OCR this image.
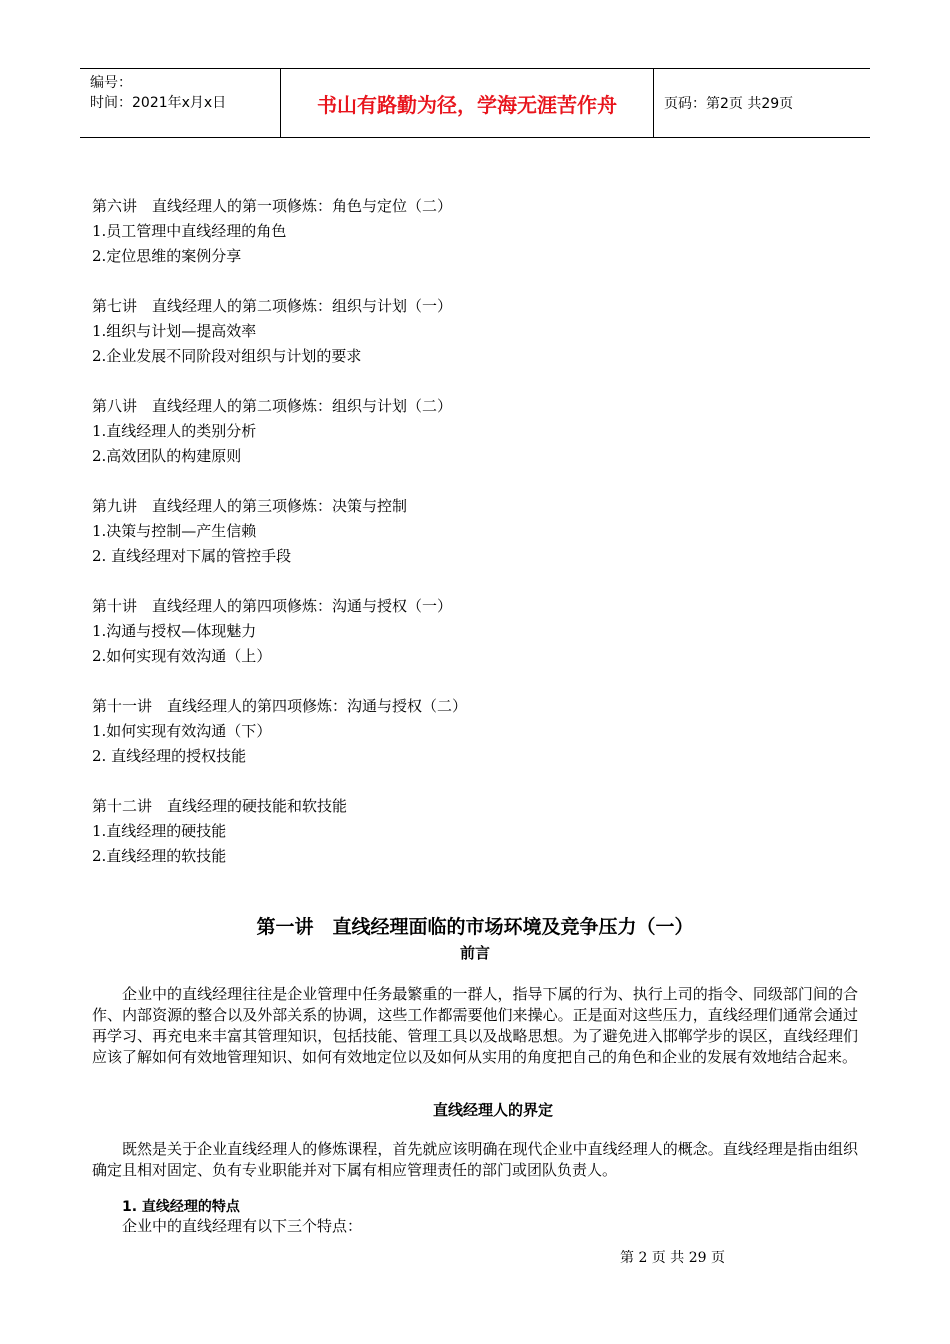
编号：
时间：2021年x月x日	书山有路勤为径，学海无涯苦作舟	页码：第2页 共29页
第六讲　直线经理人的第一项修炼：角色与定位（二）
1.员工管理中直线经理的角色
2.定位思维的案例分享
第七讲　直线经理人的第二项修炼：组织与计划（一）
1.组织与计划—提高效率
2.企业发展不同阶段对组织与计划的要求
第八讲　直线经理人的第二项修炼：组织与计划（二）
1.直线经理人的类别分析
2.高效团队的构建原则
第九讲　直线经理人的第三项修炼：决策与控制
1.决策与控制—产生信赖
2. 直线经理对下属的管控手段
第十讲　直线经理人的第四项修炼：沟通与授权（一）
1.沟通与授权—体现魅力
2.如何实现有效沟通（上）
第十一讲　直线经理人的第四项修炼：沟通与授权（二）
1.如何实现有效沟通（下）
2. 直线经理的授权技能
第十二讲　直线经理的硬技能和软技能
1.直线经理的硬技能
2.直线经理的软技能
第一讲　直线经理面临的市场环境及竞争压力（一）
前言

企业中的直线经理往往是企业管理中任务最繁重的一群人，指导下属的行为、执行上司的指令、同级部门间的合作、内部资源的整合以及外部关系的协调，这些工作都需要他们来操心。正是面对这些压力，直线经理们通常会通过再学习、再充电来丰富其管理知识，包括技能、管理工具以及战略思想。为了避免进入邯郸学步的误区，直线经理们应该了解如何有效地管理知识、如何有效地定位以及如何从实用的角度把自己的角色和企业的发展有效地结合起来。

直线经理人的界定

既然是关于企业直线经理人的修炼课程，首先就应该明确在现代企业中直线经理人的概念。直线经理是指由组织确定且相对固定、负有专业职能并对下属有相应管理责任的部门或团队负责人。

1. 直线经理的特点
企业中的直线经理有以下三个特点：
第 2 页 共 29 页
